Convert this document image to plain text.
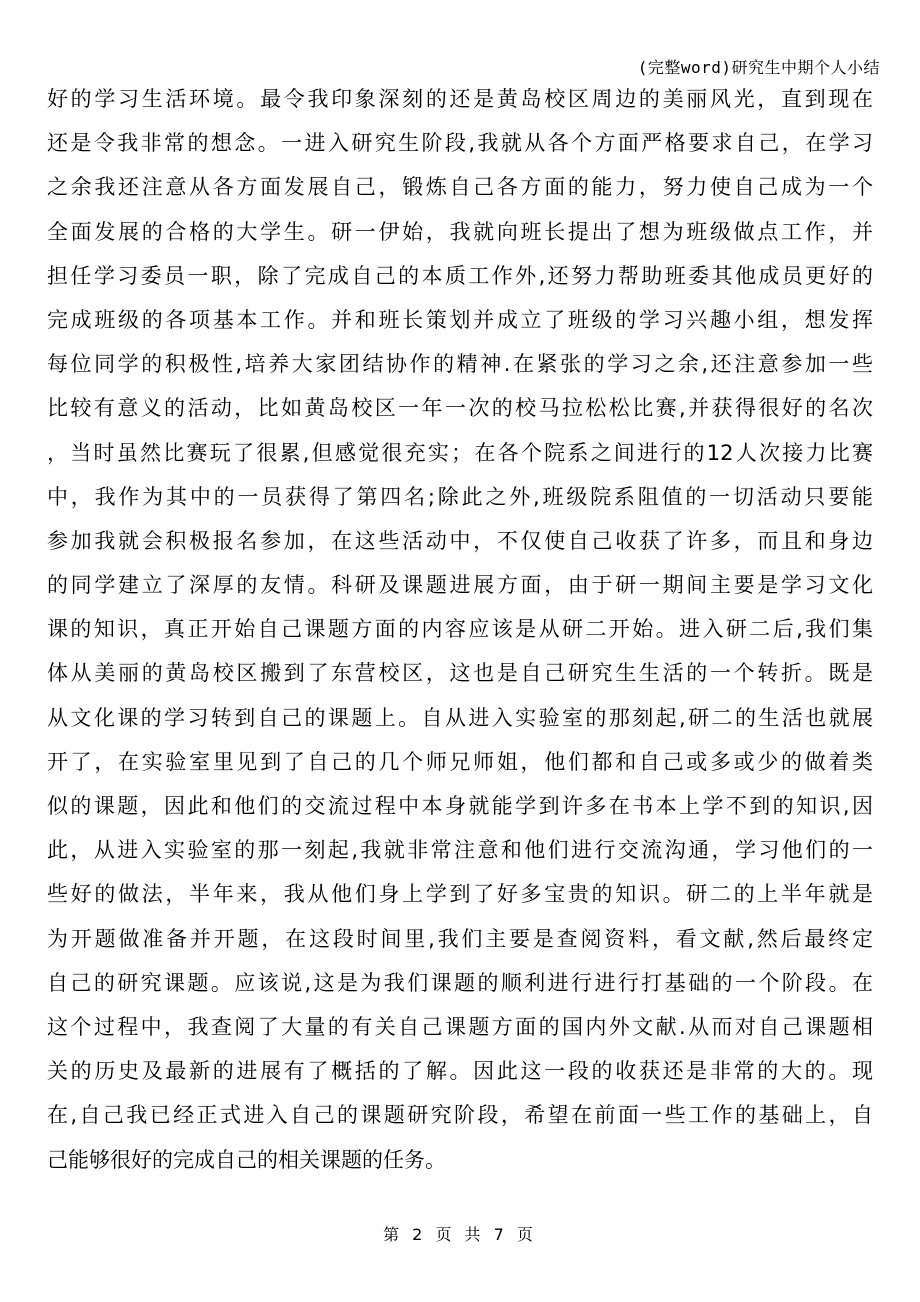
(完整word)研究生中期个人小结
好的学习生活环境。最令我印象深刻的还是黄岛校区周边的美丽风光，直到现在
还是令我非常的想念。一进入研究生阶段,我就从各个方面严格要求自己，在学习
之余我还注意从各方面发展自己，锻炼自己各方面的能力，努力使自己成为一个
全面发展的合格的大学生。研一伊始，我就向班长提出了想为班级做点工作，并
担任学习委员一职，除了完成自己的本质工作外,还努力帮助班委其他成员更好的
完成班级的各项基本工作。并和班长策划并成立了班级的学习兴趣小组，想发挥
每位同学的积极性,培养大家团结协作的精神.在紧张的学习之余,还注意参加一些
比较有意义的活动，比如黄岛校区一年一次的校马拉松松比赛,并获得很好的名次
，当时虽然比赛玩了很累,但感觉很充实；在各个院系之间进行的12人次接力比赛
中，我作为其中的一员获得了第四名;除此之外,班级院系阻值的一切活动只要能
参加我就会积极报名参加，在这些活动中，不仅使自己收获了许多，而且和身边
的同学建立了深厚的友情。科研及课题进展方面，由于研一期间主要是学习文化
课的知识，真正开始自己课题方面的内容应该是从研二开始。进入研二后,我们集
体从美丽的黄岛校区搬到了东营校区，这也是自己研究生生活的一个转折。既是
从文化课的学习转到自己的课题上。自从进入实验室的那刻起,研二的生活也就展
开了，在实验室里见到了自己的几个师兄师姐，他们都和自己或多或少的做着类
似的课题，因此和他们的交流过程中本身就能学到许多在书本上学不到的知识,因
此，从进入实验室的那一刻起,我就非常注意和他们进行交流沟通，学习他们的一
些好的做法，半年来，我从他们身上学到了好多宝贵的知识。研二的上半年就是
为开题做准备并开题，在这段时间里,我们主要是查阅资料，看文献,然后最终定
自己的研究课题。应该说,这是为我们课题的顺利进行进行打基础的一个阶段。在
这个过程中，我查阅了大量的有关自己课题方面的国内外文献.从而对自己课题相
关的历史及最新的进展有了概括的了解。因此这一段的收获还是非常的大的。现
在,自己我已经正式进入自己的课题研究阶段，希望在前面一些工作的基础上，自
己能够很好的完成自己的相关课题的任务。
第 2 页 共 7 页
